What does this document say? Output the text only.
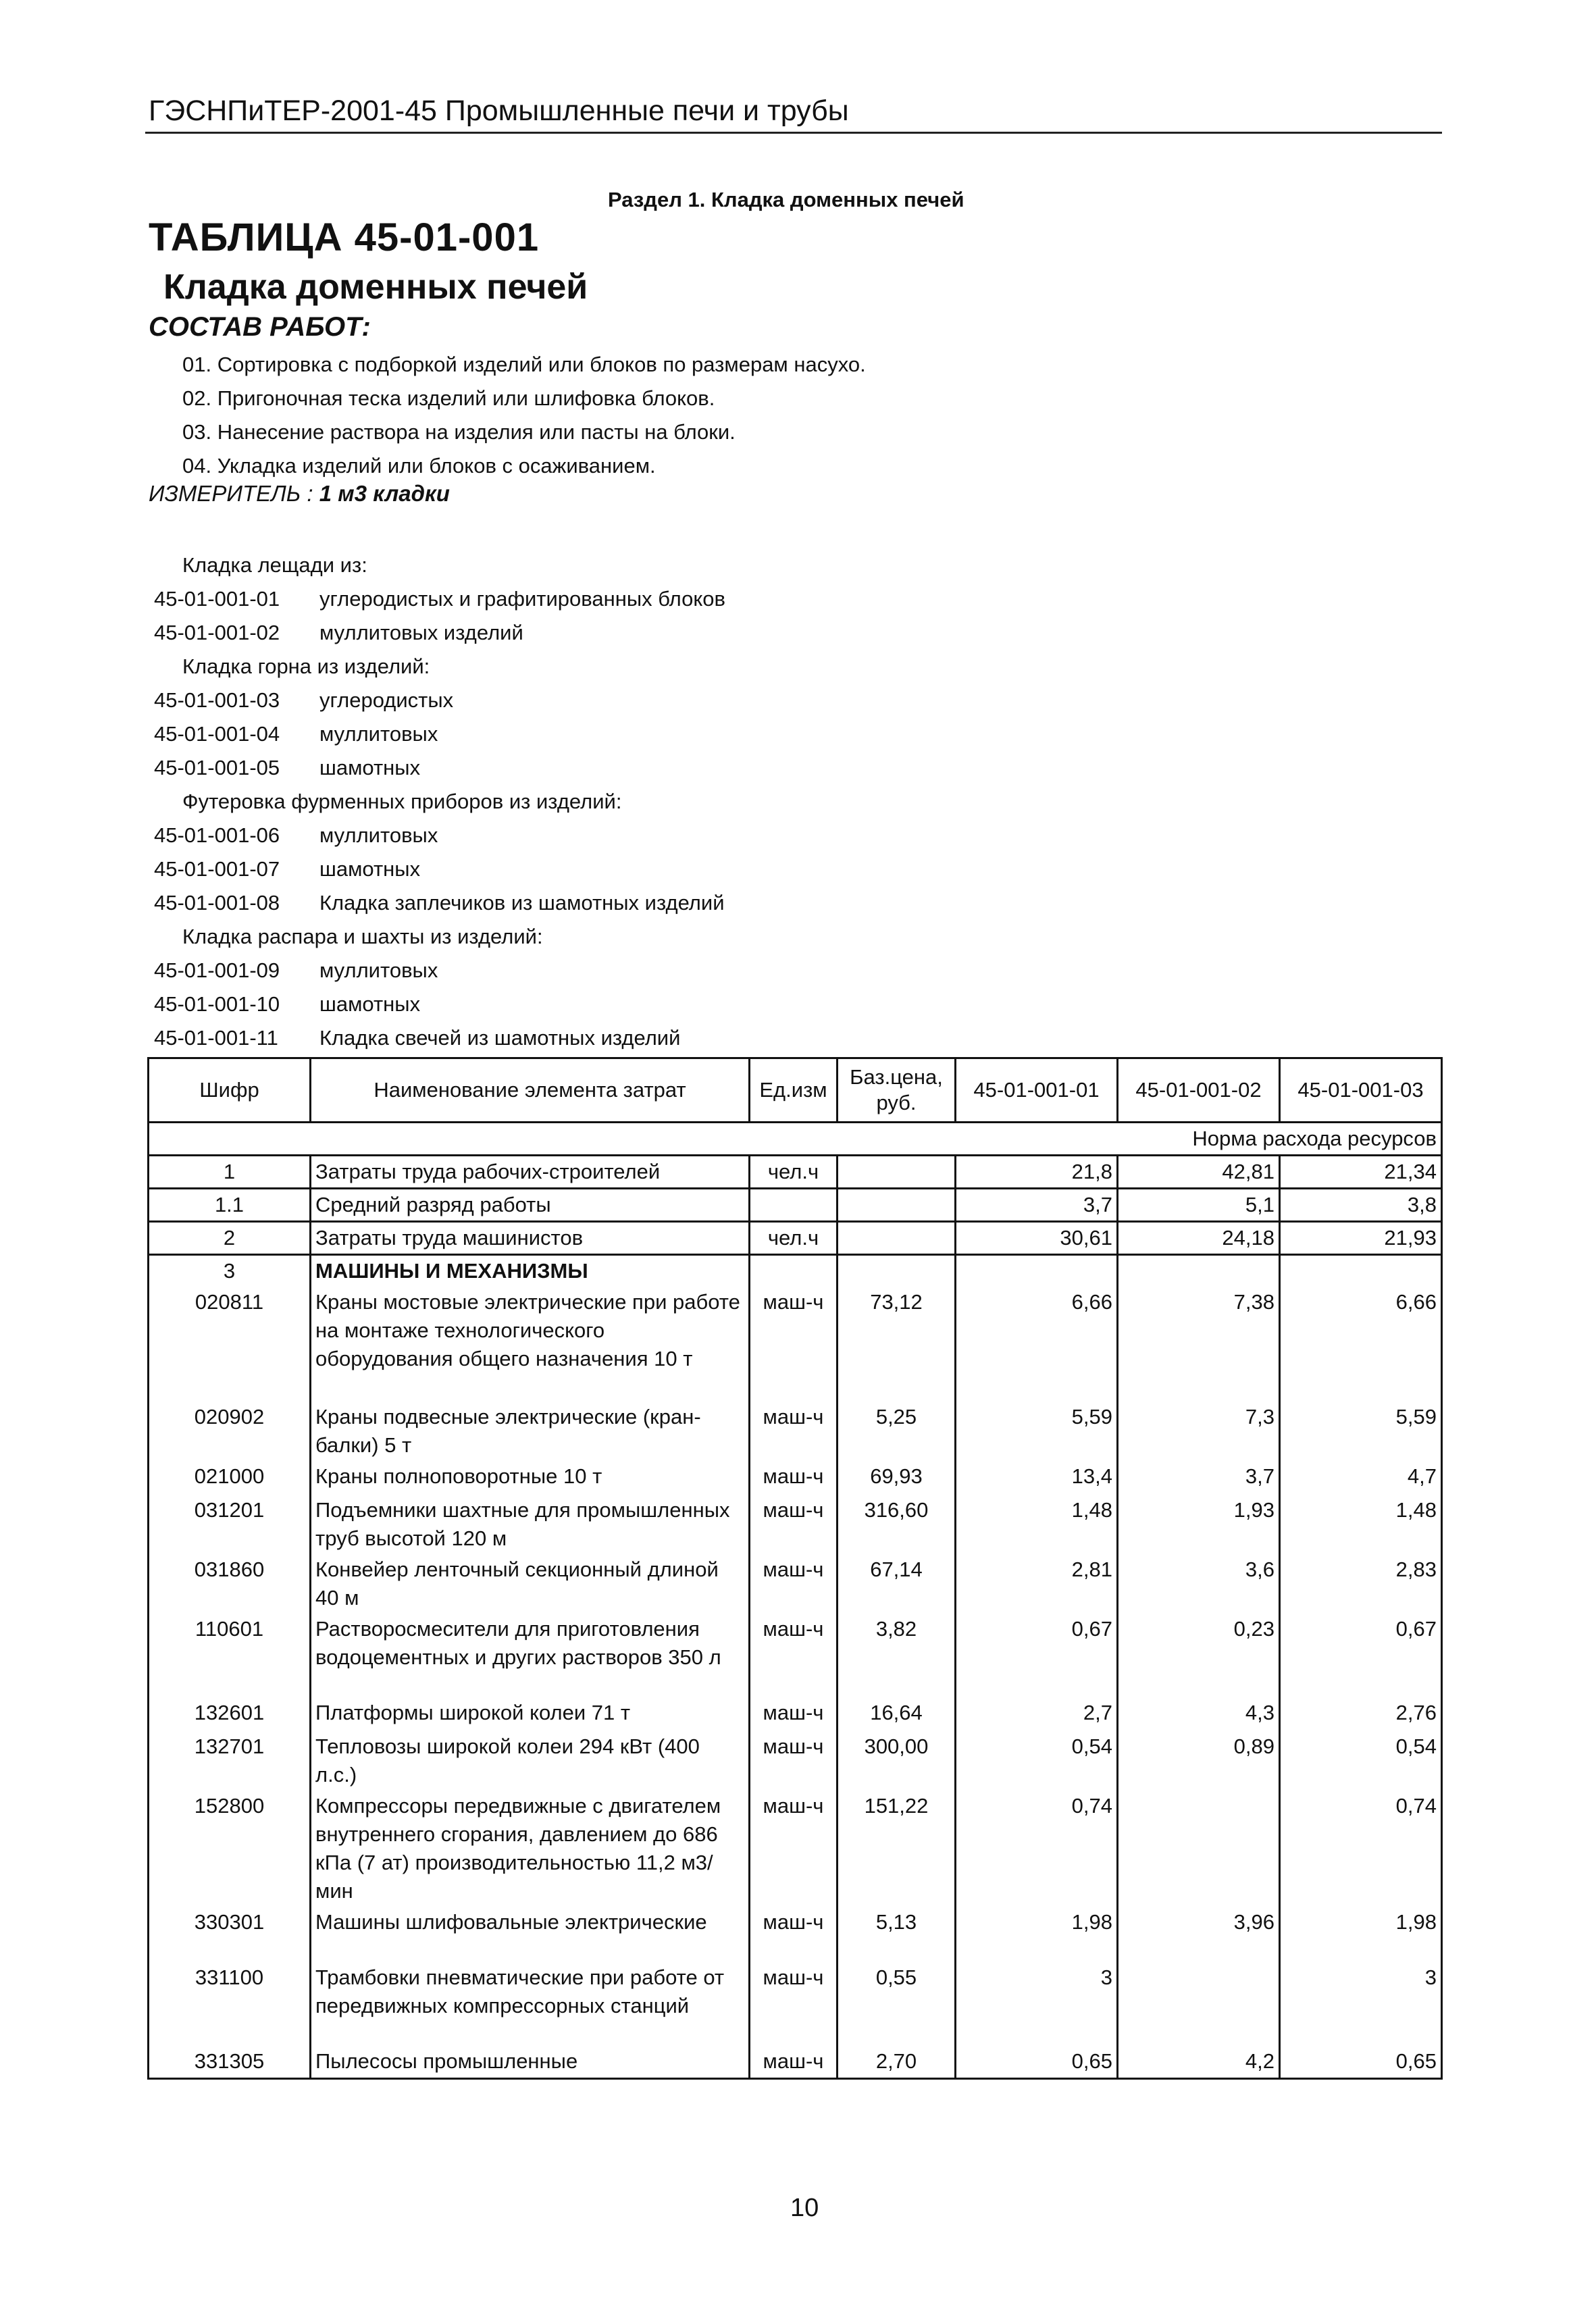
ГЭСНПиТЕР-2001-45 Промышленные печи и трубы
Раздел 1. Кладка доменных печей
ТАБЛИЦА 45-01-001
Кладка доменных печей
СОСТАВ РАБОТ:
01. Сортировка с подборкой изделий или блоков по размерам насухо.
02. Пригоночная теска изделий или шлифовка блоков.
03. Нанесение раствора на изделия или пасты на блоки.
04. Укладка изделий или блоков с осаживанием.
ИЗМЕРИТЕЛЬ : 1 м3 кладки
Кладка лещади из:
45-01-001-01 углеродистых и графитированных блоков
45-01-001-02 муллитовых изделий
Кладка горна из изделий:
45-01-001-03 углеродистых
45-01-001-04 муллитовых
45-01-001-05 шамотных
Футеровка фурменных приборов из изделий:
45-01-001-06 муллитовых
45-01-001-07 шамотных
45-01-001-08 Кладка заплечиков из шамотных изделий
Кладка распара и шахты из изделий:
45-01-001-09 муллитовых
45-01-001-10 шамотных
45-01-001-11 Кладка свечей из шамотных изделий
Шифр	Наименование элемента затрат	Ед.изм	Баз.цена, руб.	45-01-001-01	45-01-001-02	45-01-001-03
Норма расхода ресурсов						
1	Затраты труда рабочих-строителей	чел.ч		21,8	42,81	21,34
1.1	Средний разряд работы			3,7	5,1	3,8
2	Затраты труда машинистов	чел.ч		30,61	24,18	21,93
3	МАШИНЫ И МЕХАНИЗМЫ					
020811	Краны мостовые электрические при работе на монтаже технологического оборудования общего назначения 10 т	маш-ч	73,12	6,66	7,38	6,66
020902	Краны подвесные электрические (кран-балки) 5 т	маш-ч	5,25	5,59	7,3	5,59
021000	Краны полноповоротные 10 т	маш-ч	69,93	13,4	3,7	4,7
031201	Подъемники шахтные для промышленных труб высотой 120 м	маш-ч	316,60	1,48	1,93	1,48
031860	Конвейер ленточный секционный длиной 40 м	маш-ч	67,14	2,81	3,6	2,83
110601	Растворосмесители для приготовления водоцементных и других растворов 350 л	маш-ч	3,82	0,67	0,23	0,67
132601	Платформы широкой колеи 71 т	маш-ч	16,64	2,7	4,3	2,76
132701	Тепловозы широкой колеи 294 кВт (400 л.с.)	маш-ч	300,00	0,54	0,89	0,54
152800	Компрессоры передвижные с двигателем внутреннего сгорания, давлением до 686 кПа (7 ат) производительностью 11,2 м3/мин	маш-ч	151,22	0,74		0,74
330301	Машины шлифовальные электрические	маш-ч	5,13	1,98	3,96	1,98
331100	Трамбовки пневматические при работе от передвижных компрессорных станций	маш-ч	0,55	3		3
331305	Пылесосы промышленные	маш-ч	2,70	0,65	4,2	0,65
10
